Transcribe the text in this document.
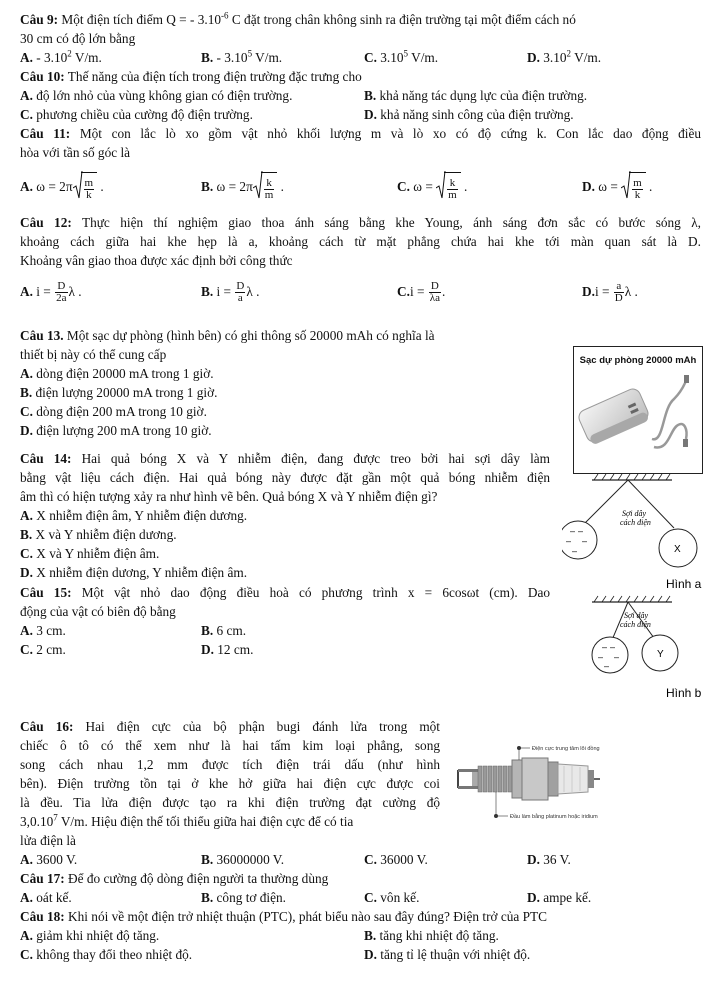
Câu 9: Một điện tích điểm Q = - $3.10^{-6}$ C đặt trong chân không sinh ra điện trường tại một điểm cách nó
30 cm có độ lớn bằng
A. - 3.10$^2$ V/m.	B. - 3.10$^5$ V/m.	C. 3.10$^5$ V/m.	D. 3.10$^2$ V/m.
Câu 10: Thế năng của điện tích trong điện trường đặc trưng cho
A. độ lớn nhỏ của vùng không gian có điện trường.	B. khả năng tác dụng lực của điện trường.
C. phương chiều của cường độ điện trường.	D. khả năng sinh công của điện trường.
Câu 11: Một con lắc lò xo gồm vật nhỏ khối lượng m và lò xo có độ cứng k. Con lắc dao động điều
hòa với tần số góc là
A. $\omega = 2\pi \frac{m}{k}$ .	B. $\omega = 2\pi \frac{k}{m}$ .	C. $\omega = \frac{k}{m}$ .	D. $\omega = \frac{m}{k}$ .
Câu 12: Thực hiện thí nghiệm giao thoa ánh sáng bằng khe Young, ánh sáng đơn sắc có bước sóng λ,
khoảng cách giữa hai khe hẹp là a, khoảng cách từ mặt phẳng chứa hai khe tới màn quan sát là D.
Khoảng vân giao thoa được xác định bởi công thức
A. $i = \frac{D}{2a}$ λ .	B. $i = \frac{D}{a}$ λ .	$C.i = \frac{D}{\lambda a}$ .	$D.i = \frac{a}{D}$ λ .
Câu 13. Một sạc dự phòng (hình bên) có ghi thông số 20000 mAh có nghĩa là
thiết bị này có thể cung cấp
A. dòng điện 20000 mA trong 1 giờ.
B. điện lượng 20000 mA trong 1 giờ.
C. dòng điện 200 mA trong 10 giờ.
D. điện lượng 200 mA trong 10 giờ.
Sạc dự phòng 20000 mAh
Câu 14: Hai quả bóng X và Y nhiễm điện, đang được treo bởi hai sợi dây làm
bằng vật liệu cách điện. Hai quả bóng này được đặt gần một quả bóng nhiễm điện
âm thì có hiện tượng xảy ra như hình vẽ bên. Quả bóng X và Y nhiễm điện gì?
A. X nhiễm điện âm, Y nhiễm điện dương.
B. X và Y nhiễm điện dương.
C. X và Y nhiễm điện âm.
D. X nhiễm điện dương, Y nhiễm điện âm.
– –
– –
–	X
Sợi dây
cách điện
Hình a
– –
– –
–
Y
Sợi dây
cách điện
Hình b
Câu 15: Một vật nhỏ dao động điều hoà có phương trình x = 6cosωt (cm). Dao
động của vật có biên độ bằng
A. 3 cm.	B. 6 cm.
C. 2 cm.	D. 12 cm.
Câu 16: Hai điện cực của bộ phận bugi đánh lửa trong một
chiếc ô tô có thể xem như là hai tấm kim loại phẳng, song
song cách nhau 1,2 mm được tích điện trái dấu (như hình
bên). Điện trường tồn tại ở khe hở giữa hai điện cực được coi
là đều. Tia lửa điện được tạo ra khi điện trường đạt cường độ
3,0.10$^7$ V/m. Hiệu điện thế tối thiểu giữa hai điện cực để có tia
lửa điện là
A. 3600 V.	B. 36000000 V.	C. 36000 V.	D. 36 V.
Điện cực trung tâm lõi đồng
Đầu làm bằng platinum hoặc iridium
Câu 17: Để đo cường độ dòng điện người ta thường dùng
A. oát kế.	B. công tơ điện.	C. vôn kế.	D. ampe kế.
Câu 18: Khi nói về một điện trở nhiệt thuận (PTC), phát biểu nào sau đây đúng? Điện trở của PTC
A. giảm khi nhiệt độ tăng.	B. tăng khi nhiệt độ tăng.
C. không thay đổi theo nhiệt độ.	D. tăng tỉ lệ thuận với nhiệt độ.
